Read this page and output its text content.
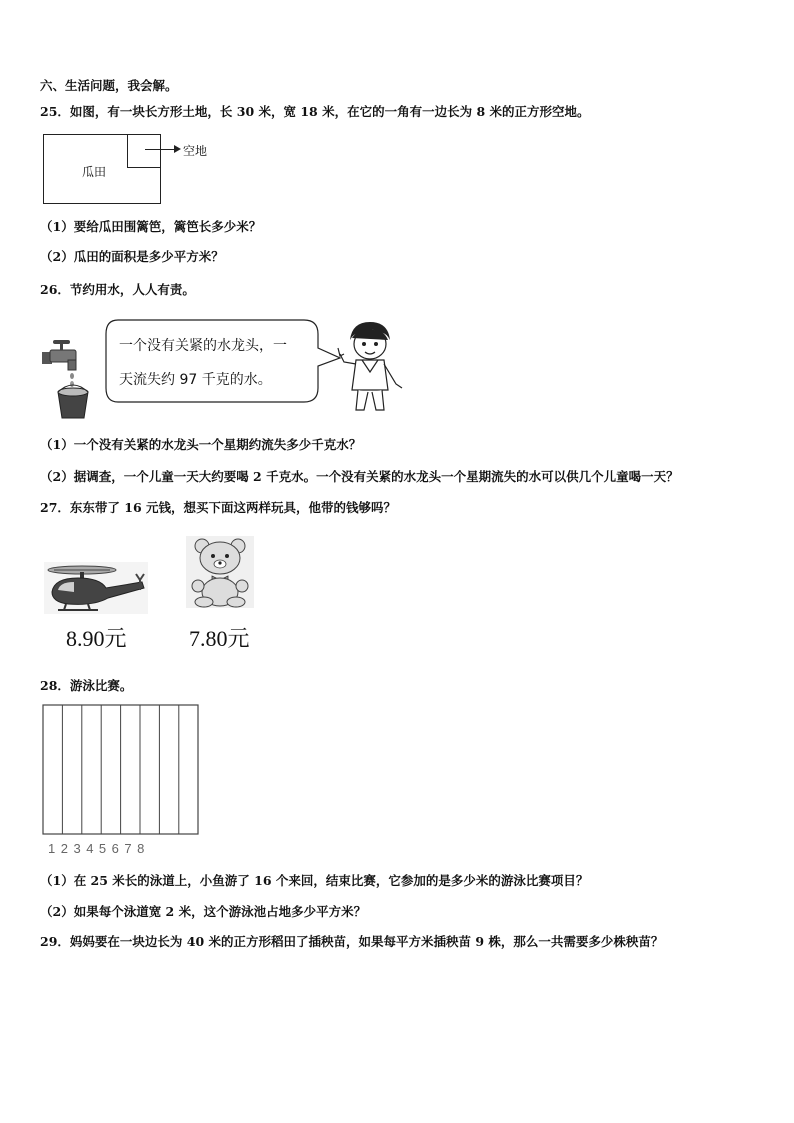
六、生活问题，我会解。
25．如图，有一块长方形土地，长 30 米，宽 18 米，在它的一角有一边长为 8 米的正方形空地。
瓜田
空地
（1）要给瓜田围篱笆，篱笆长多少米？
（2）瓜田的面积是多少平方米？
26．节约用水，人人有责。
一个没有关紧的水龙头，一
天流失约 97 千克的水。
（1）一个没有关紧的水龙头一个星期约流失多少千克水？
（2）据调查，一个儿童一天大约要喝 2 千克水。一个没有关紧的水龙头一个星期流失的水可以供几个儿童喝一天？
27．东东带了 16 元钱，想买下面这两样玩具，他带的钱够吗？
8.90元	7.80元
28．游泳比赛。
12345678
（1）在 25 米长的泳道上，小鱼游了 16 个来回，结束比赛，它参加的是多少米的游泳比赛项目？
（2）如果每个泳道宽 2 米，这个游泳池占地多少平方米？
29．妈妈要在一块边长为 40 米的正方形稻田了插秧苗，如果每平方米插秧苗 9 株，那么一共需要多少株秧苗？
